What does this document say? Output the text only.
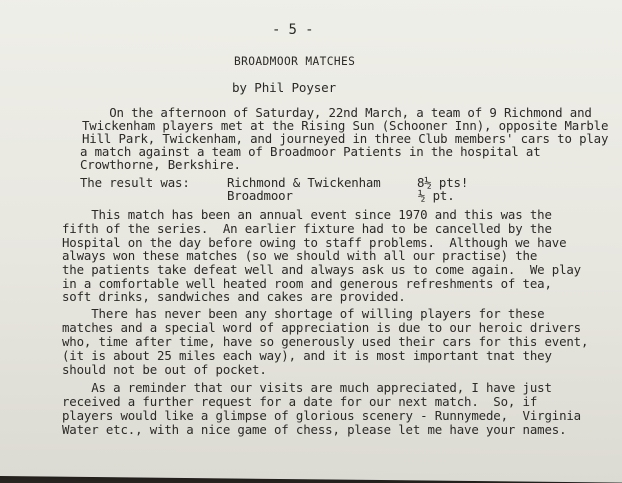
- 5 -
BROADMOOR MATCHES
by Phil Poyser
On the afternoon of Saturday, 22nd March, a team of 9 Richmond and
Twickenham players met at the Rising Sun (Schooner Inn), opposite Marble
Hill Park, Twickenham, and journeyed in three Club members' cars to play
a match against a team of Broadmoor Patients in the hospital at
Crowthorne, Berkshire.
The result was:	Richmond & Twickenham	8½ pts!
Broadmoor	½ pt.
This match has been an annual event since 1970 and this was the
fifth of the series.  An earlier fixture had to be cancelled by the
Hospital on the day before owing to staff problems.  Although we have
always won these matches (so we should with all our practise) the
the patients take defeat well and always ask us to come again.  We play
in a comfortable well heated room and generous refreshments of tea,
soft drinks, sandwiches and cakes are provided.
There has never been any shortage of willing players for these
matches and a special word of appreciation is due to our heroic drivers
who, time after time, have so generously used their cars for this event,
(it is about 25 miles each way), and it is most important tnat they
should not be out of pocket.
As a reminder that our visits are much appreciated, I have just
received a further request for a date for our next match.  So, if
players would like a glimpse of glorious scenery - Runnymede,  Virginia
Water etc., with a nice game of chess, please let me have your names.
